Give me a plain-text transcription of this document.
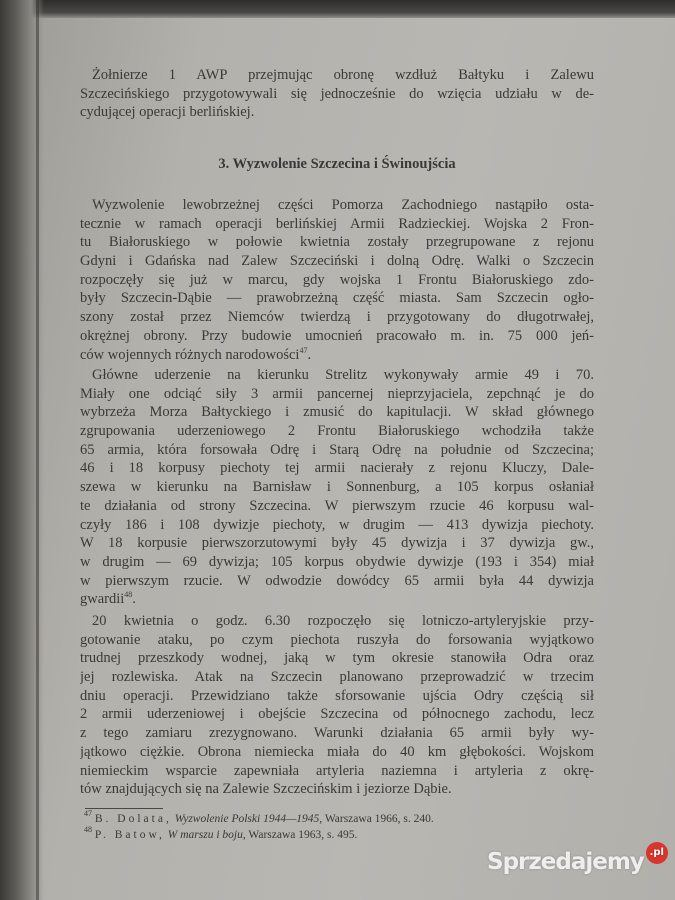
Żołnierze 1 AWP przejmując obronę wzdłuż Bałtyku i Zalewu
Szczecińskiego przygotowywali się jednocześnie do wzięcia udziału w de-
cydującej operacji berlińskiej.
3. Wyzwolenie Szczecina i Świnoujścia
Wyzwolenie lewobrzeżnej części Pomorza Zachodniego nastąpiło osta-
tecznie w ramach operacji berlińskiej Armii Radzieckiej. Wojska 2 Fron-
tu Białoruskiego w połowie kwietnia zostały przegrupowane z rejonu
Gdyni i Gdańska nad Zalew Szczeciński i dolną Odrę. Walki o Szczecin
rozpoczęły się już w marcu, gdy wojska 1 Frontu Białoruskiego zdo-
były Szczecin-Dąbie — prawobrzeżną część miasta. Sam Szczecin ogło-
szony został przez Niemców twierdzą i przygotowany do długotrwałej,
okrężnej obrony. Przy budowie umocnień pracowało m. in. 75 000 jeń-
ców wojennych różnych narodowości$^{47}$.
Główne uderzenie na kierunku Strelitz wykonywały armie 49 i 70.
Miały one odciąć siły 3 armii pancernej nieprzyjaciela, zepchnąć je do
wybrzeża Morza Bałtyckiego i zmusić do kapitulacji. W skład głównego
zgrupowania uderzeniowego 2 Frontu Białoruskiego wchodziła także
65 armia, która forsowała Odrę i Starą Odrę na południe od Szczecina;
46 i 18 korpusy piechoty tej armii nacierały z rejonu Kluczy, Dale-
szewa w kierunku na Barnisław i Sonnenburg, a 105 korpus osłaniał
te działania od strony Szczecina. W pierwszym rzucie 46 korpusu wal-
czyły 186 i 108 dywizje piechoty, w drugim — 413 dywizja piechoty.
W 18 korpusie pierwszorzutowymi były 45 dywizja i 37 dywizja gw.,
w drugim — 69 dywizja; 105 korpus obydwie dywizje (193 i 354) miał
w pierwszym rzucie. W odwodzie dowódcy 65 armii była 44 dywizja
gwardii$^{48}$.
20 kwietnia o godz. 6.30 rozpoczęło się lotniczo-artyleryjskie przy-
gotowanie ataku, po czym piechota ruszyła do forsowania wyjątkowo
trudnej przeszkody wodnej, jaką w tym okresie stanowiła Odra oraz
jej rozlewiska. Atak na Szczecin planowano przeprowadzić w trzecim
dniu operacji. Przewidziano także sforsowanie ujścia Odry częścią sił
2 armii uderzeniowej i obejście Szczecina od północnego zachodu, lecz
z tego zamiaru zrezygnowano. Warunki działania 65 armii były wy-
jątkowo ciężkie. Obrona niemiecka miała do 40 km głębokości. Wojskom
niemieckim wsparcie zapewniała artyleria naziemna i artyleria z okrę-
tów znajdujących się na Zalewie Szczecińskim i jeziorze Dąbie.
$^{47}$ B. Dolata, Wyzwolenie Polski 1944—1945, Warszawa 1966, s. 240.
$^{48}$ P. Batow, W marszu i boju, Warszawa 1963, s. 495.
Sprzedajemy .pl
